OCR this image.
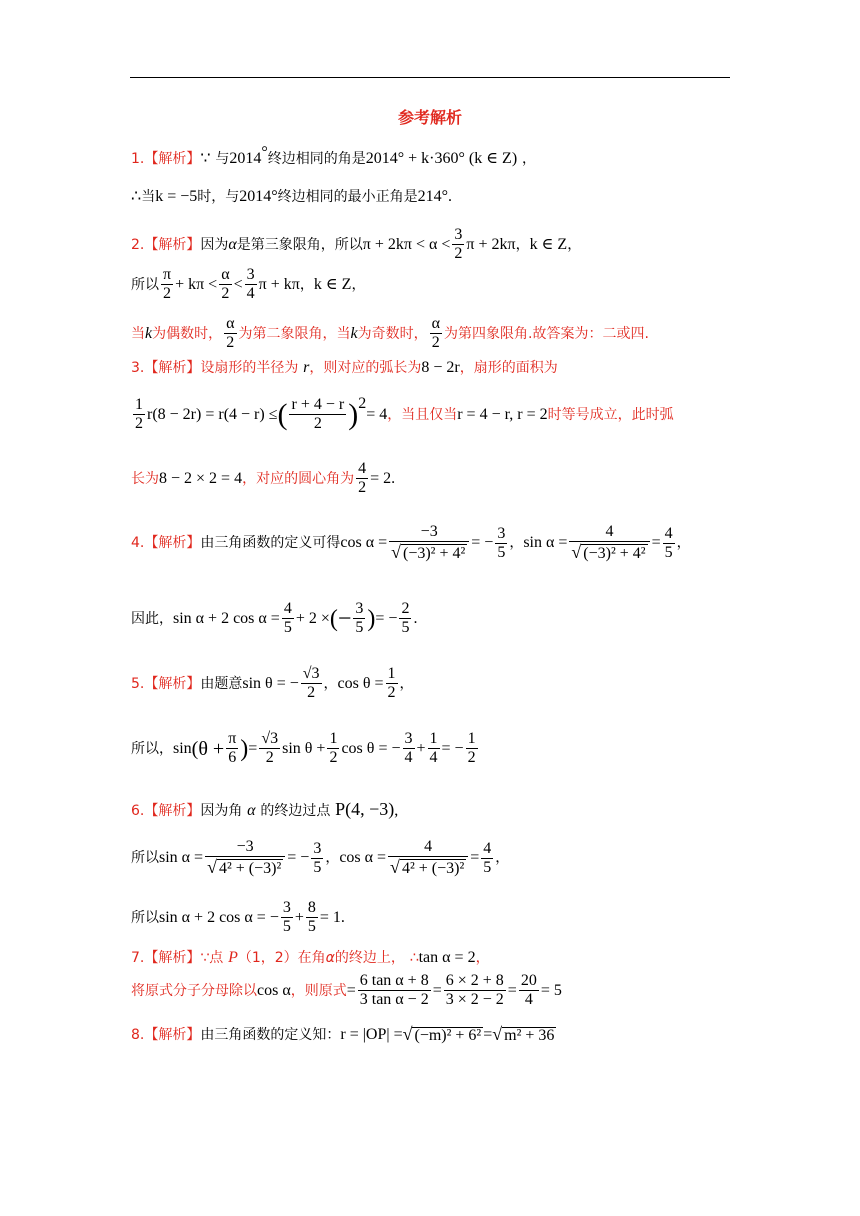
参考解析
1.【解析】∵ 与2014°终边相同的角是2014° + k·360° (k ∈ Z) ，
∴当k = −5时，与2014°终边相同的最小正角是214°.
2. 【解析】 因为 α 是第三象限角，所以 $\pi + 2k\pi < \alpha < \frac{3}{2}$ π + 2kπ ， k ∈ Z ，
所以 $\frac{\pi}{2} + k\pi < \frac{\alpha}{2} < \frac{3}{4}$ π + kπ ， k ∈ Z ，
当 k 为偶数时， $\frac{\alpha}{2}$ 为第二象限角，当 k 为奇数时， $\frac{\alpha}{2}$ 为第四象限角.故答案为：二或四.
3.【解析】设扇形的半径为 r，则对应的弧长为8 − 2r，扇形的面积为
$\frac{1}{2} r(8 - 2r) = r(4 - r)$ ≤ ( $\frac{r + 4 - r}{2}$ ) 2
= 4 ，当且仅当 r = 4 − r, r = 2 时等号成立，此时弧
长为 8 − 2 × 2 = 4 ，对应的圆心角为 $\frac{4}{2} = 2$ .
4. 【解析】 由三角函数的定义可得 $\cos \alpha = \frac{-3}{\text{√ (−3)² + 4²}}$ = − $\frac{3}{5}$ ， $\sin \alpha = \frac{4}{\text{√ (−3)² + 4²}} = \frac{4}{5}$ ，
因此， sin α + 2 $\cos \alpha = \frac{4}{5} + 2$ × (− $\frac{3}{5}$ ) = − $\frac{2}{5}$ .
5. 【解析】 由题意 sin θ = − $\frac{√3}{2}$ ， $\cos \theta = \frac{1}{2}$ ，
所以， $\sin (\theta + \frac{\pi}{6}$ ) = $\frac{√3}{2}$ $\sin \theta + \frac{1}{2}$ cos θ = − $\frac{3}{4} + \frac{1}{4}$ = − $\frac{1}{2}$
6.【解析】因为角 α 的终边过点 P(4, −3),
所以 $\sin \alpha = \frac{-3}{\text{√ 4² + (−3)²}}$ = − $\frac{3}{5}$ ， $\cos \alpha = \frac{4}{\text{√ 4² + (−3)²}} = \frac{4}{5}$ ，
所以 sin α + 2 cos α = − $\frac{3}{5} + \frac{8}{5} = 1$ .
7.【解析】∵点 P（1，2）在角α的终边上， ∴tan α = 2，
将原式分子分母除以 cos α ，则原式 = $\frac{\text{6 tan α + 8}}{\text{3 tan α − 2}} = \frac{6 \times 2 + 8}{3 \times 2 - 2} = \frac{20}{4} = 5$
8. 【解析】 由三角函数的定义知： r = |OP| = √ (−m)² + 6² = √ m² + 36
